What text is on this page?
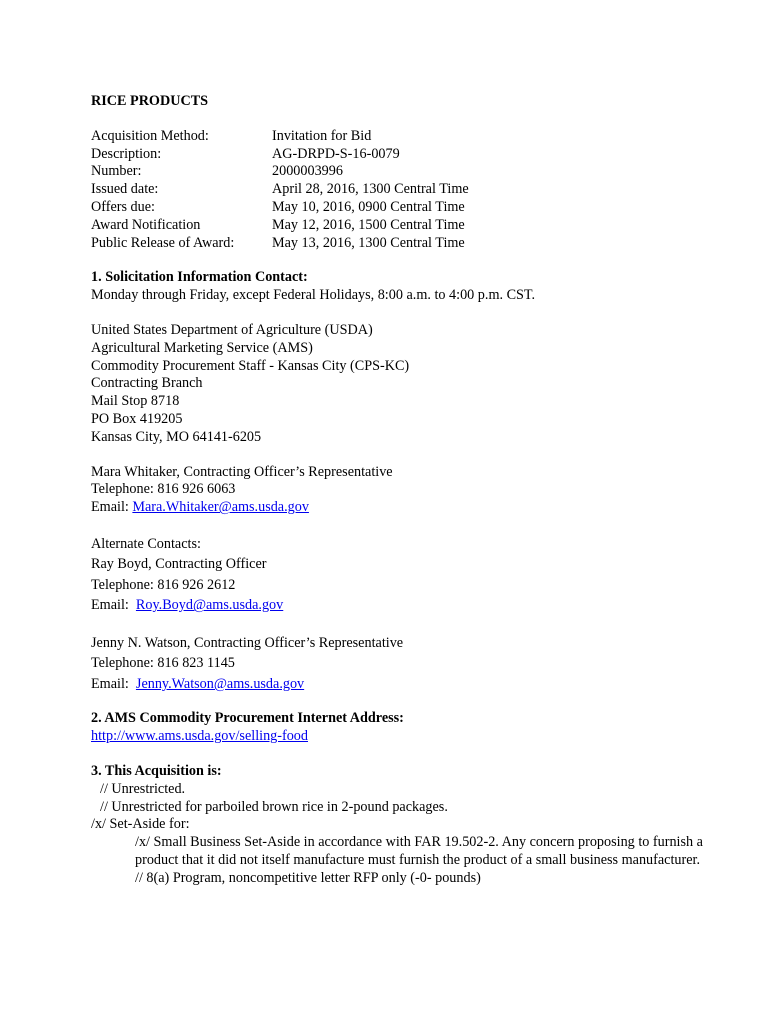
RICE PRODUCTS
Acquisition Method:	Invitation for Bid
Description:	AG-DRPD-S-16-0079
Number:	2000003996
Issued date:	April 28, 2016, 1300 Central Time
Offers due:	May 10, 2016, 0900 Central Time
Award Notification	May 12, 2016, 1500 Central Time
Public Release of Award:	May 13, 2016, 1300 Central Time
1. Solicitation Information Contact:
Monday through Friday, except Federal Holidays, 8:00 a.m. to 4:00 p.m. CST.
United States Department of Agriculture (USDA)
Agricultural Marketing Service (AMS)
Commodity Procurement Staff - Kansas City (CPS-KC)
Contracting Branch
Mail Stop 8718
PO Box 419205
Kansas City, MO 64141-6205
Mara Whitaker, Contracting Officer’s Representative
Telephone: 816 926 6063
Email: Mara.Whitaker@ams.usda.gov
Alternate Contacts:
Ray Boyd, Contracting Officer
Telephone: 816 926 2612
Email:  Roy.Boyd@ams.usda.gov
Jenny N. Watson, Contracting Officer’s Representative
Telephone: 816 823 1145
Email:  Jenny.Watson@ams.usda.gov
2. AMS Commodity Procurement Internet Address:
http://www.ams.usda.gov/selling-food
3. This Acquisition is:
// Unrestricted.
// Unrestricted for parboiled brown rice in 2-pound packages.
/x/ Set-Aside for:
/x/ Small Business Set-Aside in accordance with FAR 19.502-2. Any concern proposing to furnish a product that it did not itself manufacture must furnish the product of a small business manufacturer.
// 8(a) Program, noncompetitive letter RFP only (-0- pounds)
